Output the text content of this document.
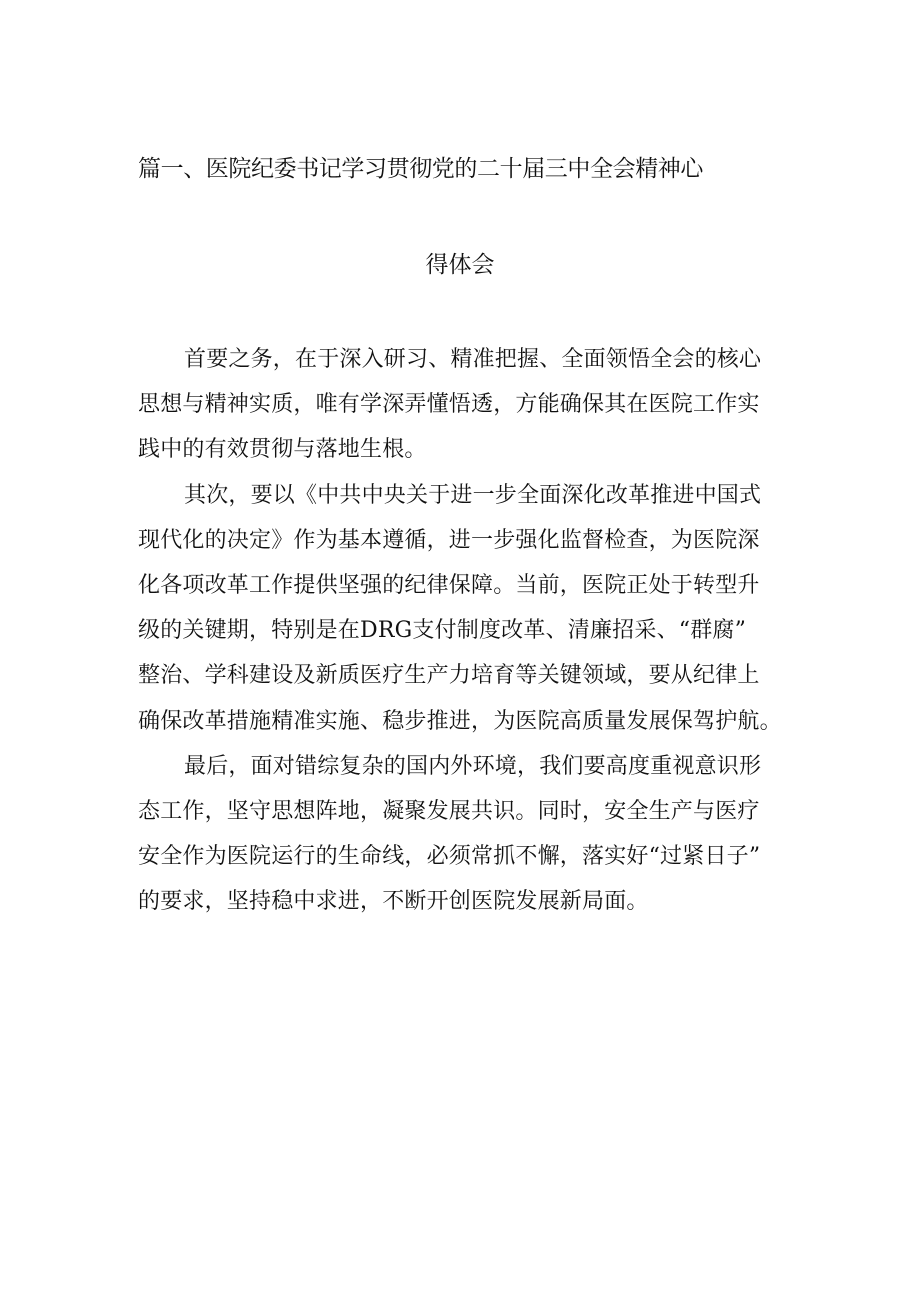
篇一、医院纪委书记学习贯彻党的二十届三中全会精神心
得体会

首要之务，在于深入研习、精准把握、全面领悟全会的核心
思想与精神实质，唯有学深弄懂悟透，方能确保其在医院工作实
践中的有效贯彻与落地生根。

其次，要以《中共中央关于进一步全面深化改革推进中国式
现代化的决定》作为基本遵循，进一步强化监督检查，为医院深
化各项改革工作提供坚强的纪律保障。当前，医院正处于转型升
级的关键期，特别是在DRG支付制度改革、清廉招采、“群腐”
整治、学科建设及新质医疗生产力培育等关键领域，要从纪律上
确保改革措施精准实施、稳步推进，为医院高质量发展保驾护航。

最后，面对错综复杂的国内外环境，我们要高度重视意识形
态工作，坚守思想阵地，凝聚发展共识。同时，安全生产与医疗
安全作为医院运行的生命线，必须常抓不懈，落实好“过紧日子”
的要求，坚持稳中求进，不断开创医院发展新局面。
